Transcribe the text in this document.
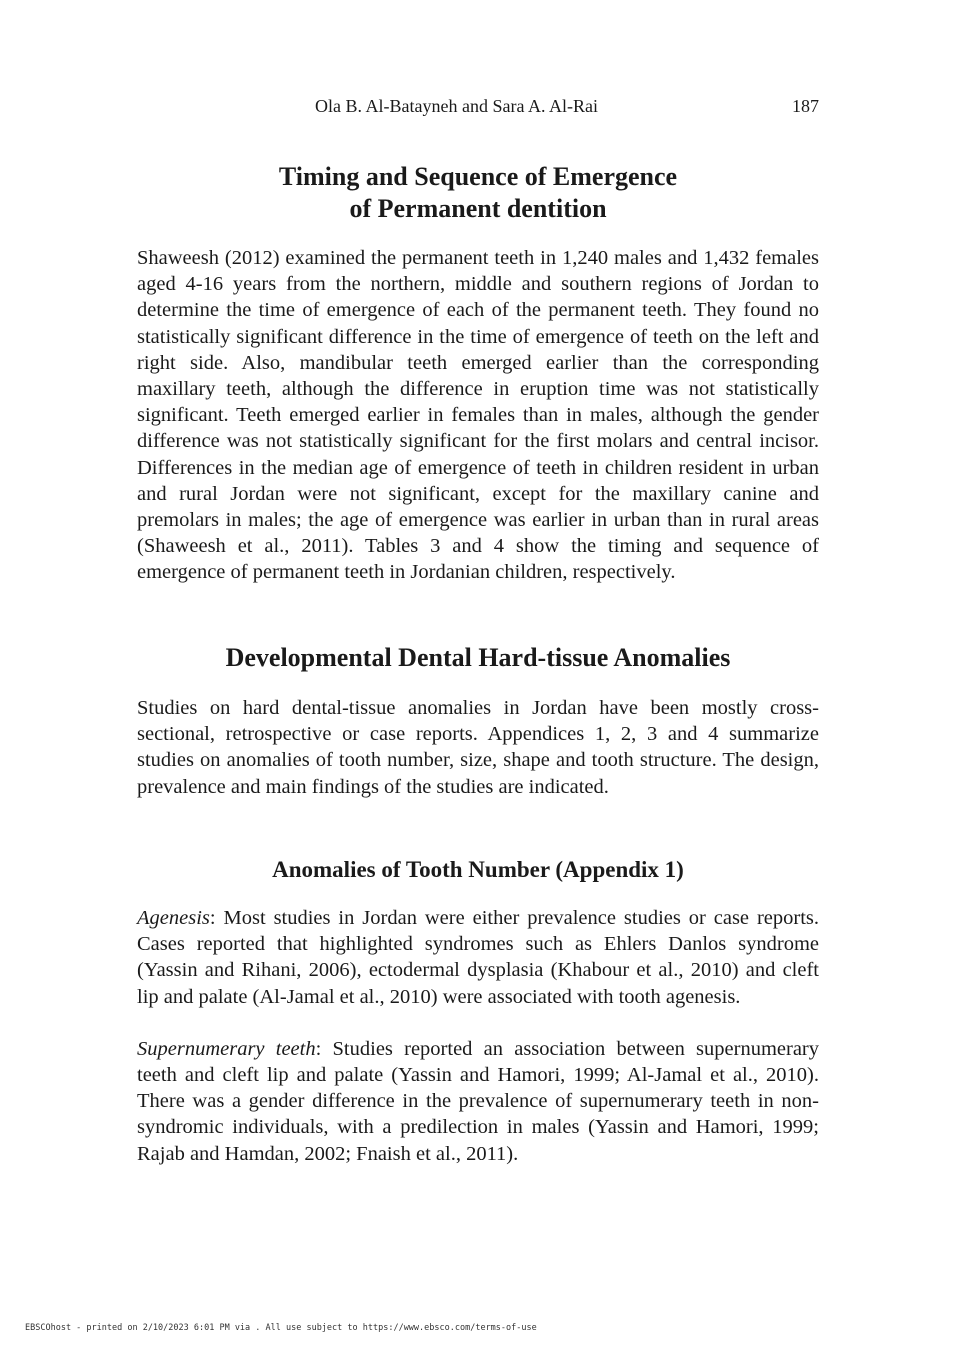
Ola B. Al-Batayneh and Sara A. Al-Rai	187
Timing and Sequence of Emergence
of Permanent dentition

Shaweesh (2012) examined the permanent teeth in 1,240 males and 1,432 females aged 4-16 years from the northern, middle and southern regions of Jordan to determine the time of emergence of each of the permanent teeth. They found no statistically significant difference in the time of emergence of teeth on the left and right side. Also, mandibular teeth emerged earlier than the corresponding maxillary teeth, although the difference in eruption time was not statistically significant. Teeth emerged earlier in females than in males, although the gender difference was not statistically significant for the first molars and central incisor. Differences in the median age of emergence of teeth in children resident in urban and rural Jordan were not significant, except for the maxillary canine and premolars in males; the age of emergence was earlier in urban than in rural areas (Shaweesh et al., 2011). Tables 3 and 4 show the timing and sequence of emergence of permanent teeth in Jordanian children, respectively.

Developmental Dental Hard-tissue Anomalies

Studies on hard dental-tissue anomalies in Jordan have been mostly cross-sectional, retrospective or case reports. Appendices 1, 2, 3 and 4 summarize studies on anomalies of tooth number, size, shape and tooth structure. The design, prevalence and main findings of the studies are indicated.

Anomalies of Tooth Number (Appendix 1)

Agenesis: Most studies in Jordan were either prevalence studies or case reports. Cases reported that highlighted syndromes such as Ehlers Danlos syndrome (Yassin and Rihani, 2006), ectodermal dysplasia (Khabour et al., 2010) and cleft lip and palate (Al-Jamal et al., 2010) were associated with tooth agenesis.

Supernumerary teeth: Studies reported an association between supernumerary teeth and cleft lip and palate (Yassin and Hamori, 1999; Al-Jamal et al., 2010). There was a gender difference in the prevalence of supernumerary teeth in non-syndromic individuals, with a predilection in males (Yassin and Hamori, 1999; Rajab and Hamdan, 2002; Fnaish et al., 2011).

EBSCOhost - printed on 2/10/2023 6:01 PM via . All use subject to https://www.ebsco.com/terms-of-use
